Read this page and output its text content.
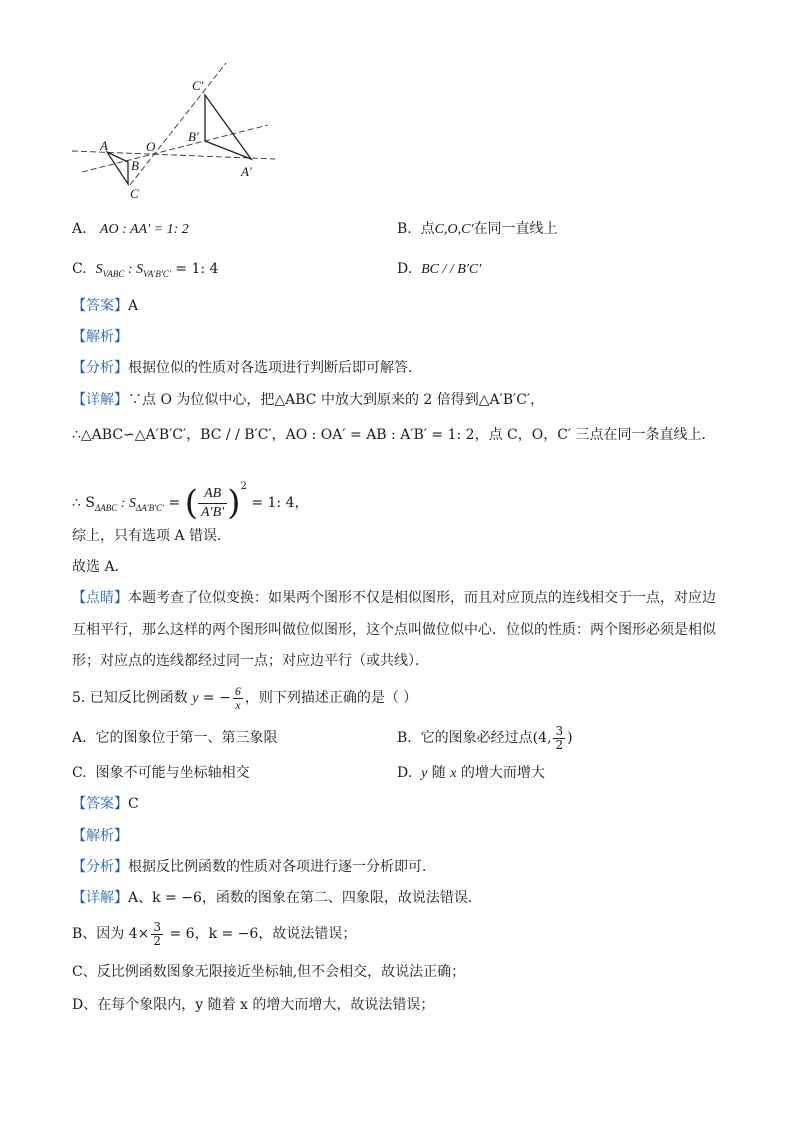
A
B
C
O
A′
B′
C′
A. AO : AA′ = 1: 2	B. 点C,O,C′在同一直线上
C. $S_{VABC}$ : $S_{VA'B'C'} = 1$: 4	D. BC / / B′C′
【答案】A
【解析】
【分析】根据位似的性质对各选项进行判断后即可解答．
【详解】∵点 O 为位似中心，把△ABC 中放大到原来的 2 倍得到△A′B′C′，
∴△ABC∽△A′B′C′，BC / / B′C′，AO : OA′ = AB : A′B′ = 1: 2，点 C，O，C′ 三点在同一条直线上．
∴ $S_{\Delta ABC}$ : $S_{\Delta A'B'C'}$ = ( $\frac{AB}{A'B'} )^2 = 1$: 4，
综上，只有选项 A 错误．
故选 A．
【点睛】本题考查了位似变换：如果两个图形不仅是相似图形，而且对应顶点的连线相交于一点，对应边
互相平行，那么这样的两个图形叫做位似图形，这个点叫做位似中心．位似的性质：两个图形必须是相似
形；对应点的连线都经过同一点；对应边平行（或共线）．
5. 已知反比例函数 y = − $\frac{6}{x}$ ，则下列描述正确的是（ ）
A. 它的图象位于第一、第三象限	B. 它的图象必经过点(4, $\frac{3}{2}$ )
C. 图象不可能与坐标轴相交	D. y 随 x 的增大而增大
【答案】C
【解析】
【分析】根据反比例函数的性质对各项进行逐一分析即可．
【详解】A、k = −6，函数的图象在第二、四象限，故说法错误．
B、因为 $4\times \frac{3}{2} = 6$，k = −6，故说法错误；
C、反比例函数图象无限接近坐标轴,但不会相交，故说法正确；
D、在每个象限内，y 随着 x 的增大而增大，故说法错误；
